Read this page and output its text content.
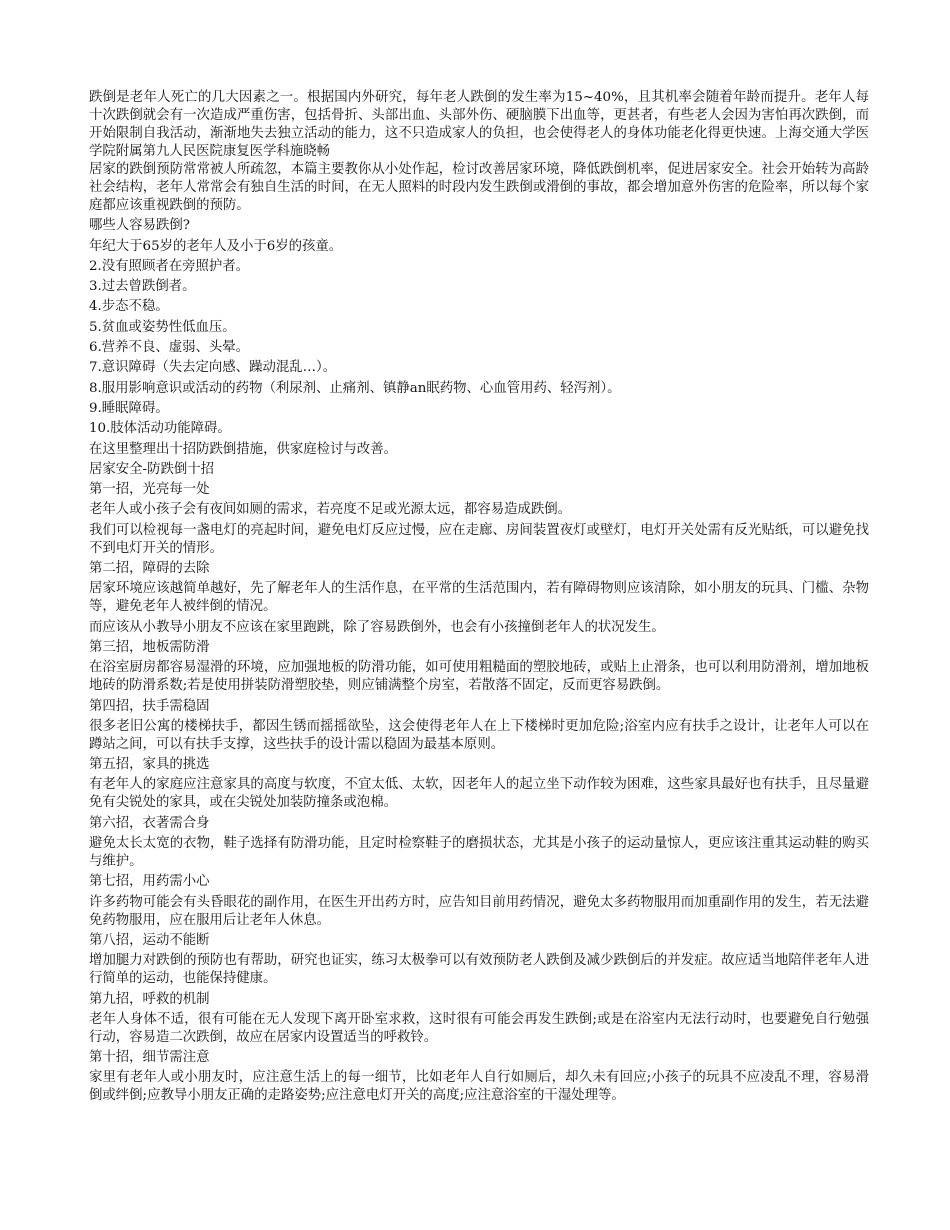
跌倒是老年人死亡的几大因素之一。根据国内外研究，每年老人跌倒的发生率为15~40%，且其机率会随着年龄而提升。老年人每十次跌倒就会有一次造成严重伤害，包括骨折、头部出血、头部外伤、硬脑膜下出血等，更甚者，有些老人会因为害怕再次跌倒，而开始限制自我活动，渐渐地失去独立活动的能力，这不只造成家人的负担，也会使得老人的身体功能老化得更快速。上海交通大学医学院附属第九人民医院康复医学科施晓畅

居家的跌倒预防常常被人所疏忽，本篇主要教你从小处作起，检讨改善居家环境，降低跌倒机率，促进居家安全。社会开始转为高龄社会结构，老年人常常会有独自生活的时间，在无人照料的时段内发生跌倒或滑倒的事故，都会增加意外伤害的危险率，所以每个家庭都应该重视跌倒的预防。

哪些人容易跌倒?

年纪大于65岁的老年人及小于6岁的孩童。

2.没有照顾者在旁照护者。

3.过去曾跌倒者。

4.步态不稳。

5.贫血或姿势性低血压。

6.营养不良、虚弱、头晕。

7.意识障碍（失去定向感、躁动混乱…）。

8.服用影响意识或活动的药物（利尿剂、止痛剂、镇静an眠药物、心血管用药、轻泻剂）。

9.睡眠障碍。

10.肢体活动功能障碍。

在这里整理出十招防跌倒措施，供家庭检讨与改善。

居家安全-防跌倒十招

第一招，光亮每一处

老年人或小孩子会有夜间如厕的需求，若亮度不足或光源太远，都容易造成跌倒。

我们可以检视每一盏电灯的亮起时间，避免电灯反应过慢，应在走廊、房间装置夜灯或壁灯，电灯开关处需有反光贴纸，可以避免找不到电灯开关的情形。

第二招，障碍的去除

居家环境应该越简单越好，先了解老年人的生活作息，在平常的生活范围内，若有障碍物则应该清除，如小朋友的玩具、门槛、杂物等，避免老年人被绊倒的情况。

而应该从小教导小朋友不应该在家里跑跳，除了容易跌倒外，也会有小孩撞倒老年人的状况发生。

第三招，地板需防滑

在浴室厨房都容易湿滑的环境，应加强地板的防滑功能，如可使用粗糙面的塑胶地砖，或贴上止滑条，也可以利用防滑剂，增加地板地砖的防滑系数;若是使用拼装防滑塑胶垫，则应铺满整个房室，若散落不固定，反而更容易跌倒。

第四招，扶手需稳固

很多老旧公寓的楼梯扶手，都因生锈而摇摇欲坠，这会使得老年人在上下楼梯时更加危险;浴室内应有扶手之设计，让老年人可以在蹲站之间，可以有扶手支撑，这些扶手的设计需以稳固为最基本原则。

第五招，家具的挑选

有老年人的家庭应注意家具的高度与软度，不宜太低、太软，因老年人的起立坐下动作较为困难，这些家具最好也有扶手，且尽量避免有尖锐处的家具，或在尖锐处加装防撞条或泡棉。

第六招，衣著需合身

避免太长太宽的衣物，鞋子选择有防滑功能，且定时检察鞋子的磨损状态，尤其是小孩子的运动量惊人，更应该注重其运动鞋的购买与维护。

第七招，用药需小心

许多药物可能会有头昏眼花的副作用，在医生开出药方时，应告知目前用药情况，避免太多药物服用而加重副作用的发生，若无法避免药物服用，应在服用后让老年人休息。

第八招，运动不能断

增加腿力对跌倒的预防也有帮助，研究也证实，练习太极拳可以有效预防老人跌倒及减少跌倒后的并发症。故应适当地陪伴老年人进行简单的运动，也能保持健康。

第九招，呼救的机制

老年人身体不适，很有可能在无人发现下离开卧室求救，这时很有可能会再发生跌倒;或是在浴室内无法行动时，也要避免自行勉强行动，容易造二次跌倒，故应在居家内设置适当的呼救铃。

第十招，细节需注意

家里有老年人或小朋友时，应注意生活上的每一细节，比如老年人自行如厕后，却久未有回应;小孩子的玩具不应凌乱不理，容易滑倒或绊倒;应教导小朋友正确的走路姿势;应注意电灯开关的高度;应注意浴室的干湿处理等。
